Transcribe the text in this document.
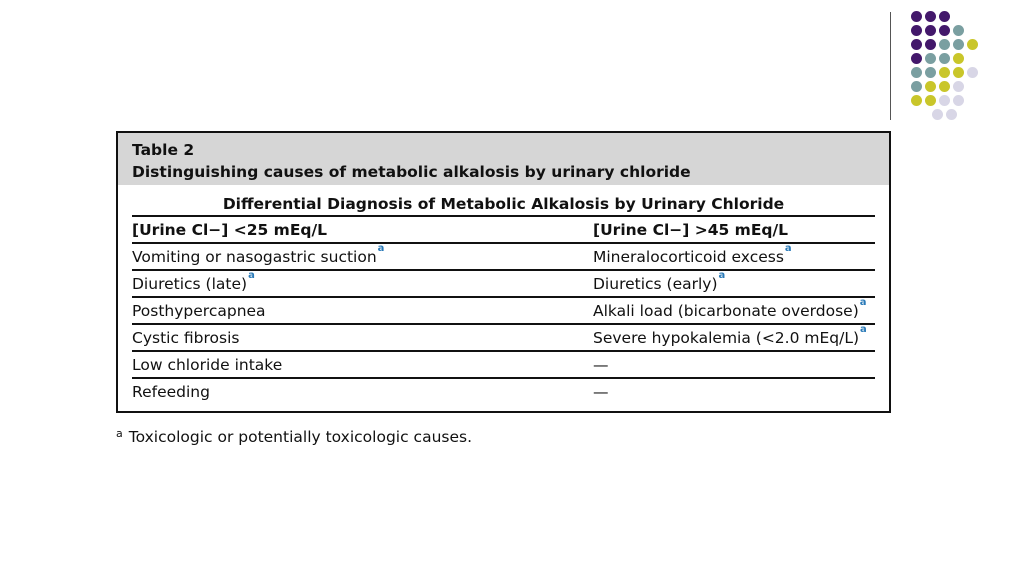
Table 2
Distinguishing causes of metabolic alkalosis by urinary chloride
Differential Diagnosis of Metabolic Alkalosis by Urinary Chloride
[Urine Cl−] <25 mEq/L	[Urine Cl−] >45 mEq/L
Vomiting or nasogastric suction$^a$	Mineralocorticoid excess$^a$
Diuretics (late)$^a$	Diuretics (early)$^a$
Posthypercapnea	Alkali load (bicarbonate overdose)$^a$
Cystic fibrosis	Severe hypokalemia (<2.0 mEq/L)$^a$
Low chloride intake	—
Refeeding	—
$^a$ Toxicologic or potentially toxicologic causes.
